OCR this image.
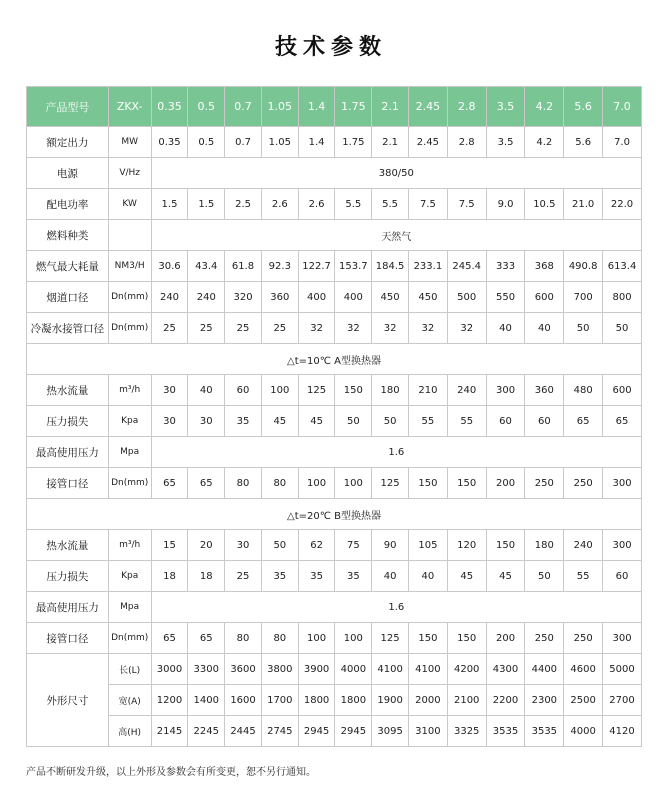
技术参数
产品型号	ZKX-	0.35	0.5	0.7	1.05	1.4	1.75	2.1	2.45	2.8	3.5	4.2	5.6	7.0
额定出力	MW	0.35	0.5	0.7	1.05	1.4	1.75	2.1	2.45	2.8	3.5	4.2	5.6	7.0
电源	V/Hz	380/50												
配电功率	KW	1.5	1.5	2.5	2.6	2.6	5.5	5.5	7.5	7.5	9.0	10.5	21.0	22.0
燃料种类		天然气												
燃气最大耗量	NM3/H	30.6	43.4	61.8	92.3	122.7	153.7	184.5	233.1	245.4	333	368	490.8	613.4
烟道口径	Dn(mm)	240	240	320	360	400	400	450	450	500	550	600	700	800
冷凝水接管口径	Dn(mm)	25	25	25	25	32	32	32	32	32	40	40	50	50
△t=10℃ A型换热器														
热水流量	m³/h	30	40	60	100	125	150	180	210	240	300	360	480	600
压力损失	Kpa	30	30	35	45	45	50	50	55	55	60	60	65	65
最高使用压力	Mpa	1.6												
接管口径	Dn(mm)	65	65	80	80	100	100	125	150	150	200	250	250	300
△t=20℃ B型换热器														
热水流量	m³/h	15	20	30	50	62	75	90	105	120	150	180	240	300
压力损失	Kpa	18	18	25	35	35	35	40	40	45	45	50	55	60
最高使用压力	Mpa	1.6												
接管口径	Dn(mm)	65	65	80	80	100	100	125	150	150	200	250	250	300
外形尺寸	长(L)	3000	3300	3600	3800	3900	4000	4100	4100	4200	4300	4400	4600	5000
	宽(A)	1200	1400	1600	1700	1800	1800	1900	2000	2100	2200	2300	2500	2700
	高(H)	2145	2245	2445	2745	2945	2945	3095	3100	3325	3535	3535	4000	4120
产品不断研发升级，以上外形及参数会有所变更，恕不另行通知。
